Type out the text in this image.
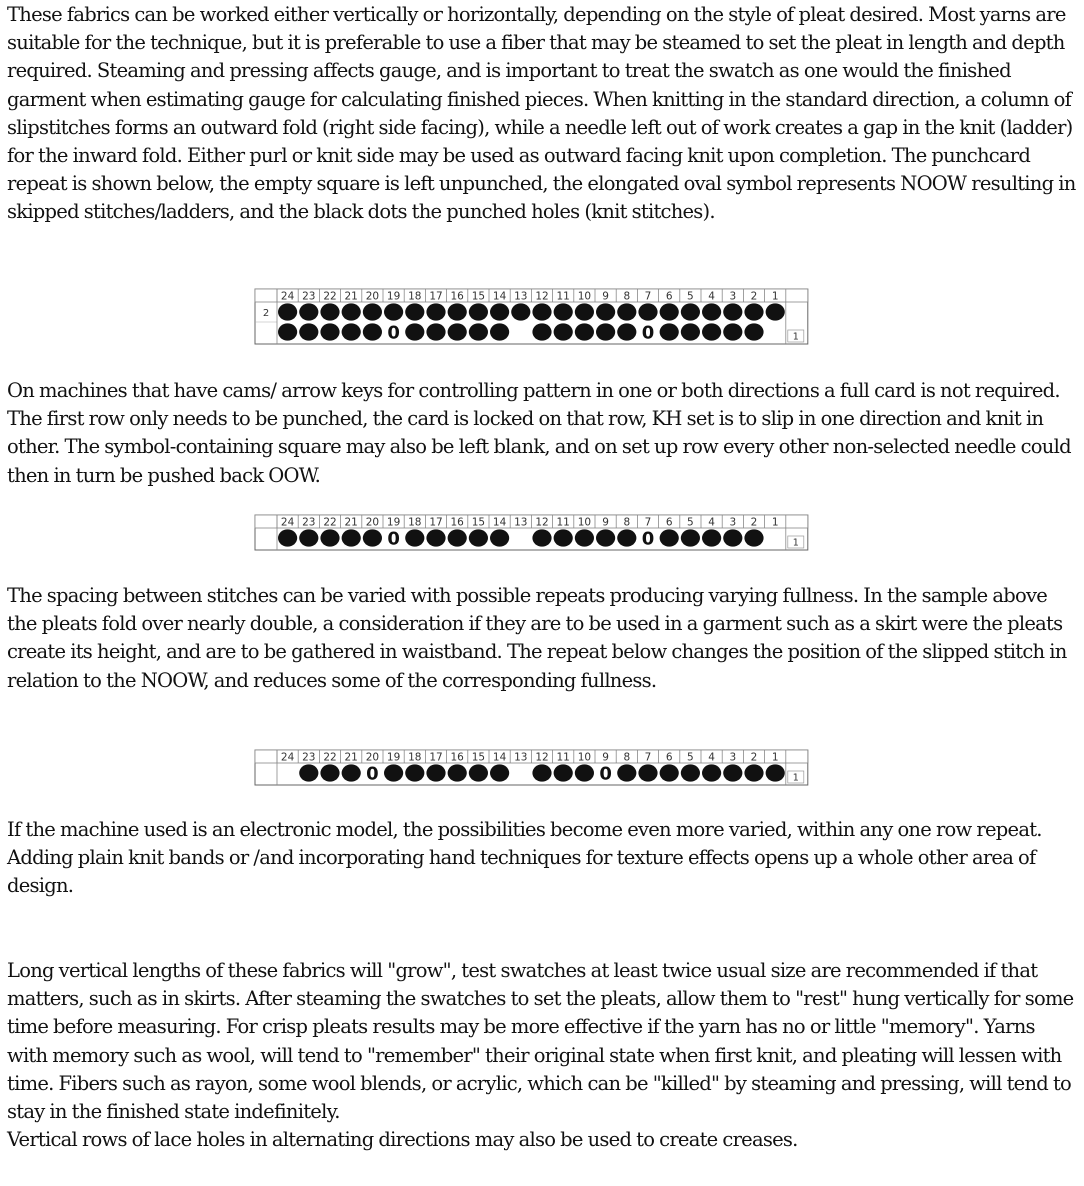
These fabrics can be worked either vertically or horizontally, depending on the style of pleat desired. Most yarns are suitable for the technique, but it is preferable to use a fiber that may be steamed to set the pleat in length and depth required. Steaming and pressing affects gauge, and is important to treat the swatch as one would the finished garment when estimating gauge for calculating finished pieces. When knitting in the standard direction, a column of slipstitches forms an outward fold (right side facing), while a needle left out of work creates a gap in the knit (ladder) for the inward fold. Either purl or knit side may be used as outward facing knit upon completion. The punchcard repeat is shown below, the empty square is left unpunched, the elongated oval symbol represents NOOW resulting in skipped stitches/ladders, and the black dots the punched holes (knit stitches).

24 23 22 21 20 19 18 17 16 15 14 13 12 11 10 9 8 7 6 5 4 3 2 1
2
0	0	1

On machines that have cams/ arrow keys for controlling pattern in one or both directions a full card is not required. The first row only needs to be punched, the card is locked on that row, KH set is to slip in one direction and knit in other. The symbol-containing square may also be left blank, and on set up row every other non-selected needle could then in turn be pushed back OOW.

24 23 22 21 20 19 18 17 16 15 14 13 12 11 10 9 8 7 6 5 4 3 2 1
0	0	1

The spacing between stitches can be varied with possible repeats producing varying fullness. In the sample above the pleats fold over nearly double, a consideration if they are to be used in a garment such as a skirt were the pleats create its height, and are to be gathered in waistband. The repeat below changes the position of the slipped stitch in relation to the NOOW, and reduces some of the corresponding fullness.

24 23 22 21 20 19 18 17 16 15 14 13 12 11 10 9 8 7 6 5 4 3 2 1
0	0	1

If the machine used is an electronic model, the possibilities become even more varied, within any one row repeat.
Adding plain knit bands or /and incorporating hand techniques for texture effects opens up a whole other area of design.

Long vertical lengths of these fabrics will "grow", test swatches at least twice usual size are recommended if that matters, such as in skirts. After steaming the swatches to set the pleats, allow them to "rest" hung vertically for some time before measuring. For crisp pleats results may be more effective if the yarn has no or little "memory". Yarns with memory such as wool, will tend to "remember" their original state when first knit, and pleating will lessen with time. Fibers such as rayon, some wool blends, or acrylic, which can be "killed" by steaming and pressing, will tend to stay in the finished state indefinitely.
Vertical rows of lace holes in alternating directions may also be used to create creases.
